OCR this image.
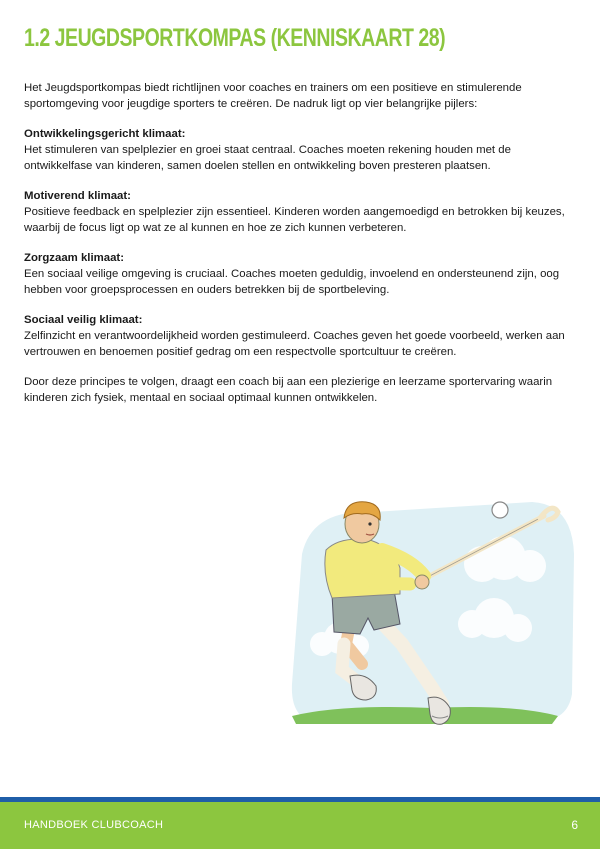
1.2 JEUGDSPORTKOMPAS (KENNISKAART 28)

Het Jeugdsportkompas biedt richtlijnen voor coaches en trainers om een positieve en stimulerende sportomgeving voor jeugdige sporters te creëren. De nadruk ligt op vier belangrijke pijlers:

Ontwikkelingsgericht klimaat:
Het stimuleren van spelplezier en groei staat centraal. Coaches moeten rekening houden met de ontwikkelfase van kinderen, samen doelen stellen en ontwikkeling boven presteren plaatsen.
Motiverend klimaat:
Positieve feedback en spelplezier zijn essentieel. Kinderen worden aangemoedigd en betrokken bij keuzes, waarbij de focus ligt op wat ze al kunnen en hoe ze zich kunnen verbeteren.
Zorgzaam klimaat:
Een sociaal veilige omgeving is cruciaal. Coaches moeten geduldig, invoelend en ondersteunend zijn, oog hebben voor groepsprocessen en ouders betrekken bij de sportbeleving.
Sociaal veilig klimaat:
Zelfinzicht en verantwoordelijkheid worden gestimuleerd. Coaches geven het goede voorbeeld, werken aan vertrouwen en benoemen positief gedrag om een respectvolle sportcultuur te creëren.

Door deze principes te volgen, draagt een coach bij aan een plezierige en leerzame sportervaring waarin kinderen zich fysiek, mentaal en sociaal optimaal kunnen ontwikkelen.

HANDBOEK CLUBCOACH	6
